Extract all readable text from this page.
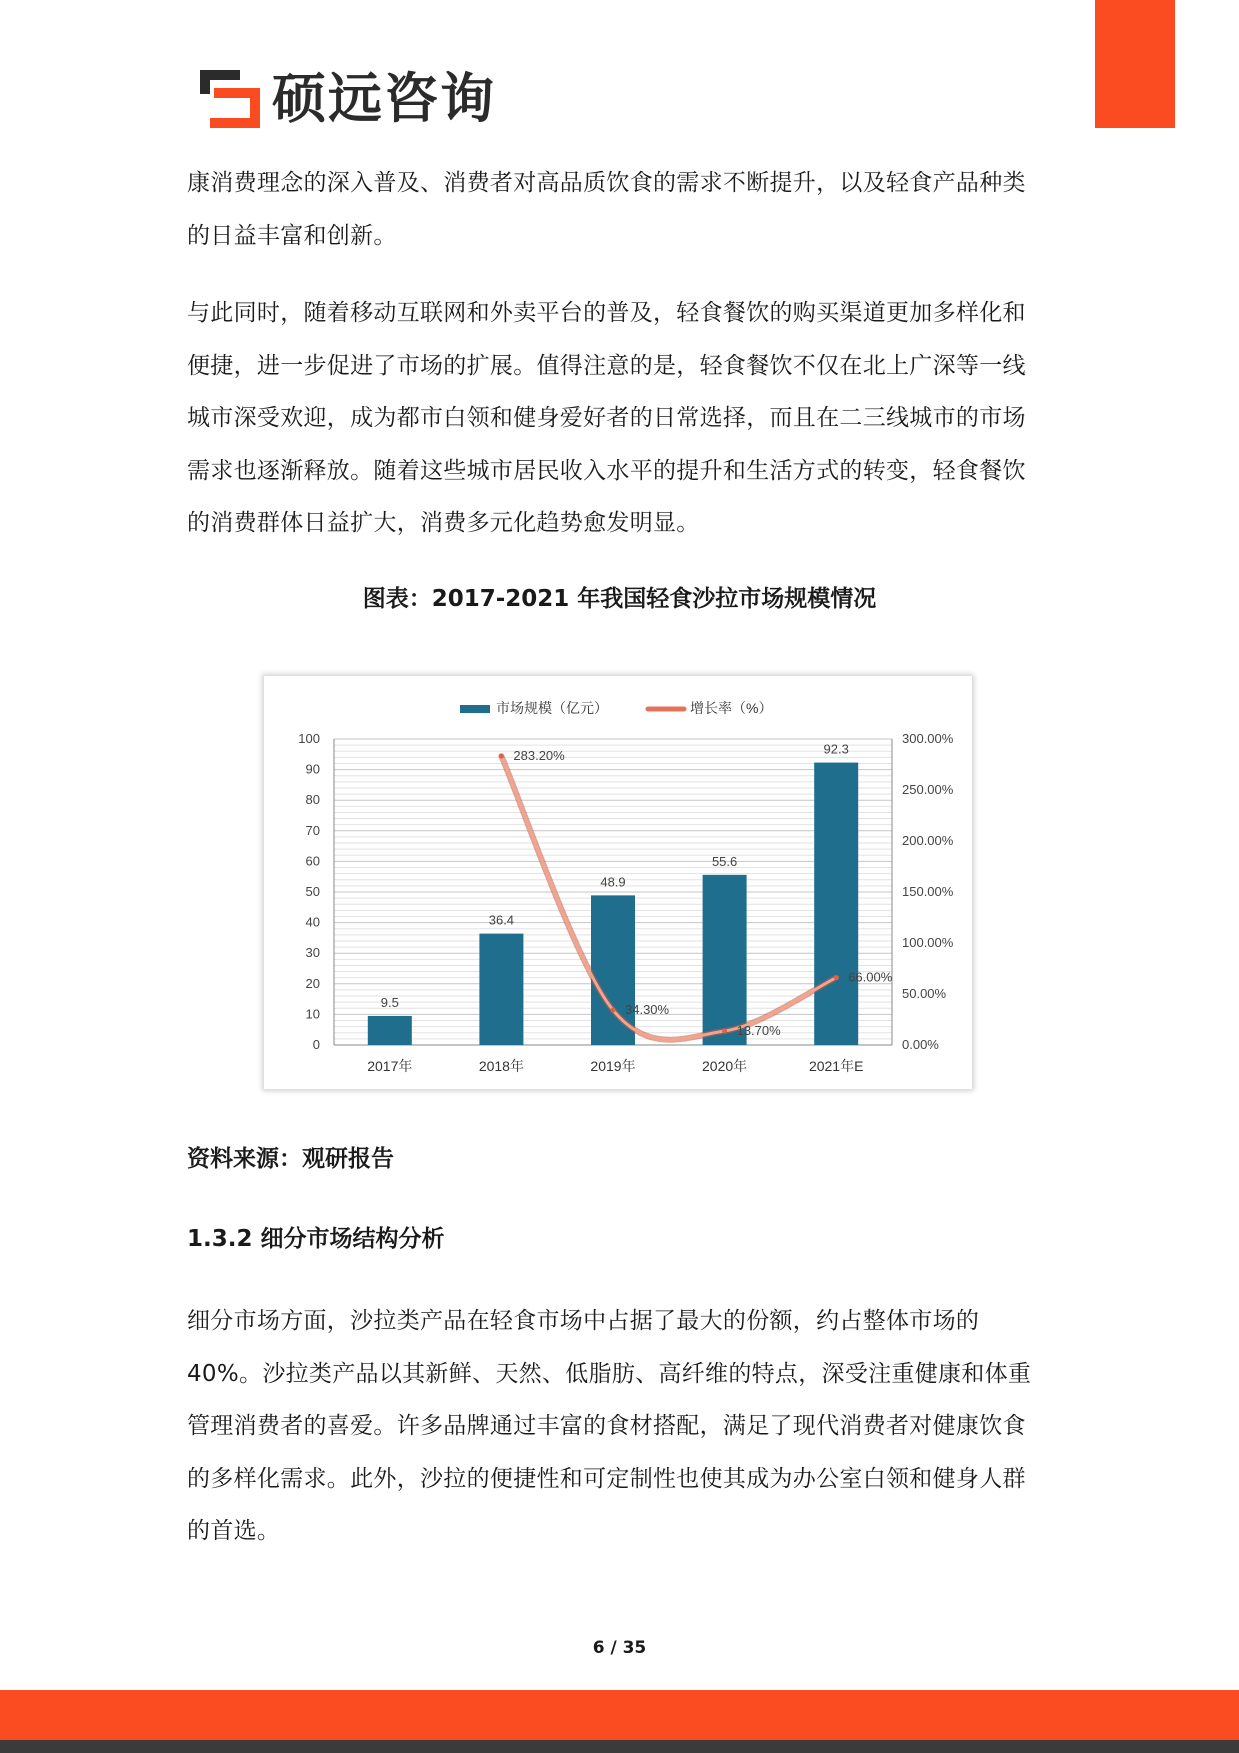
硕远咨询

康消费理念的深入普及、消费者对高品质饮食的需求不断提升，以及轻食产品种类的日益丰富和创新。

与此同时，随着移动互联网和外卖平台的普及，轻食餐饮的购买渠道更加多样化和便捷，进一步促进了市场的扩展。值得注意的是，轻食餐饮不仅在北上广深等一线城市深受欢迎，成为都市白领和健身爱好者的日常选择，而且在二三线城市的市场需求也逐渐释放。随着这些城市居民收入水平的提升和生活方式的转变，轻食餐饮的消费群体日益扩大，消费多元化趋势愈发明显。

图表：2017-2021 年我国轻食沙拉市场规模情况
0
10
20
30
40
50
60
70
80
90
100
0.00%
50.00%
100.00%
150.00%
200.00%
250.00%
300.00%
2017年	2018年	2019年	2020年	2021年E
9.5
36.4
48.9
55.6
92.3
283.20%
34.30%
13.70%
66.00%
市场规模（亿元）	增长率（%）
资料来源：观研报告
1.3.2 细分市场结构分析

细分市场方面，沙拉类产品在轻食市场中占据了最大的份额，约占整体市场的40%。沙拉类产品以其新鲜、天然、低脂肪、高纤维的特点，深受注重健康和体重管理消费者的喜爱。许多品牌通过丰富的食材搭配，满足了现代消费者对健康饮食的多样化需求。此外，沙拉的便捷性和可定制性也使其成为办公室白领和健身人群的首选。

6 / 35
